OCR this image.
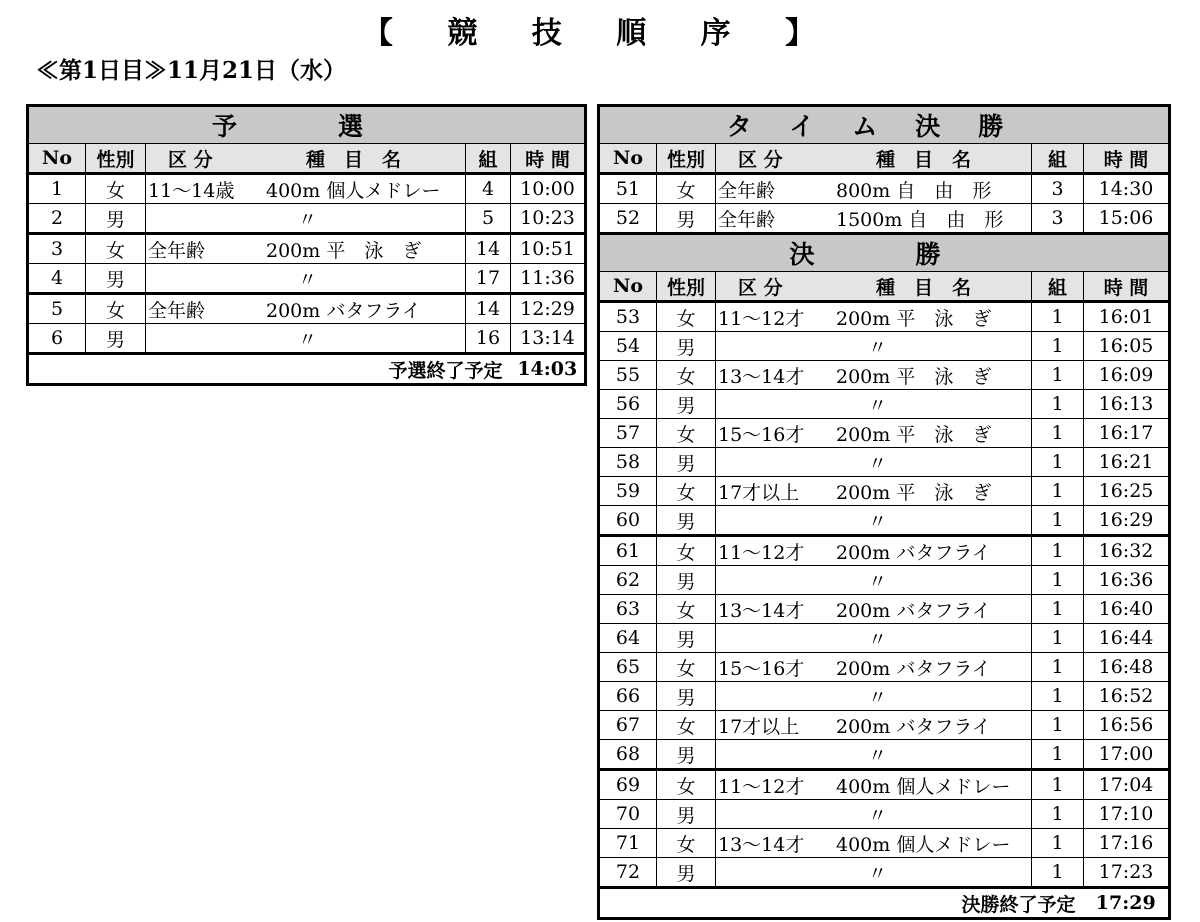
【 競 技 順 序 】
≪第1日目≫11月21日（水）
予　選				
No	性別	区 分 種　目　名	組	時 間
1	女	11～14歳 400m 個人メドレー	4	10:00
2	男	〃	5	10:23
3	女	全年齢 200m 平　泳　ぎ	14	10:51
4	男	〃	17	11:36
5	女	全年齢 200m バタフライ	14	12:29
6	男	〃	16	13:14
予選終了予定				14:03
タイム決勝				
No	性別	区 分 種　目　名	組	時 間
51	女	全年齢 800m 自　由　形	3	14:30
52	男	全年齢 1500m 自　由　形	3	15:06
決　勝				
No	性別	区 分 種　目　名	組	時 間
53	女	11～12才 200m 平　泳　ぎ	1	16:01
54	男	〃	1	16:05
55	女	13～14才 200m 平　泳　ぎ	1	16:09
56	男	〃	1	16:13
57	女	15～16才 200m 平　泳　ぎ	1	16:17
58	男	〃	1	16:21
59	女	17才以上 200m 平　泳　ぎ	1	16:25
60	男	〃	1	16:29
61	女	11～12才 200m バタフライ	1	16:32
62	男	〃	1	16:36
63	女	13～14才 200m バタフライ	1	16:40
64	男	〃	1	16:44
65	女	15～16才 200m バタフライ	1	16:48
66	男	〃	1	16:52
67	女	17才以上 200m バタフライ	1	16:56
68	男	〃	1	17:00
69	女	11～12才 400m 個人メドレー	1	17:04
70	男	〃	1	17:10
71	女	13～14才 400m 個人メドレー	1	17:16
72	男	〃	1	17:23
決勝終了予定				17:29
